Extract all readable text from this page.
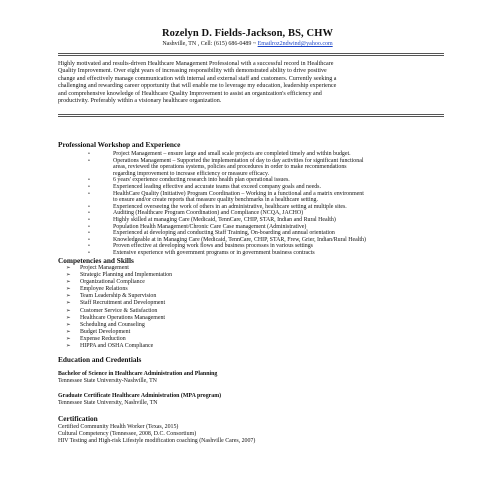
Rozelyn D. Fields-Jackson, BS, CHW
Nashville, TN , Cell: (615) 686-0489 ~ Emailroz2ndwind@yahoo.com
Highly motivated and results-driven Healthcare Management Professional with a successful record in Healthcare
Quality Improvement. Over eight years of increasing responsibility with demonstrated ability to drive positive
change and effectively manage communication with internal and external staff and customers. Currently seeking a
challenging and rewarding career opportunity that will enable me to leverage my education, leadership experience
and comprehensive knowledge of Healthcare Quality Improvement to assist an organization's efficiency and
productivity. Preferably within a visionary healthcare organization.
Professional Workshop and Experience
•	Project Management – ensure large and small scale projects are completed timely and within budget.
•	Operations Management – Supported the implementation of day to day activities for significant functional
areas, reviewed the operations systems, policies and procedures in order to make recommendations
regarding improvement to increase efficiency or measure efficacy.
•	6 years' experience conducting research into health plan operational issues.
•	Experienced leading effective and accurate teams that exceed company goals and needs.
•	HealthCare Quality (Initiative) Program Coordination – Working in a functional and a matrix environment
to ensure and/or create reports that measure quality benchmarks in a healthcare setting.
•	Experienced overseeing the work of others in an administrative, healthcare setting at multiple sites.
•	Auditing (Healthcare Program Coordination) and Compliance (NCQA, JACHO)
•	Highly skilled at managing Care (Medicaid, TennCare, CHIP, STAR, Indian and Rural Health)
•	Population Health Management/Chronic Care Case management (Administrative)
•	Experienced at developing and conducting Staff Training, On-boarding and annual orientation
•	Knowledgeable at in Managing Care (Medicaid, TennCare, CHIP, STAR, Frew, Grier, Indian/Rural Health)
•	Proven effective at developing work flows and business processes in various settings
•	Extensive experience with government programs or in government business contracts
Competencies and Skills
➢ Project Management
➢ Strategic Planning and Implementation
➢ Organizational Compliance
➢ Employee Relations
➢ Team Leadership & Supervision
➢ Staff Recruitment and Development
➢ Customer Service & Satisfaction
➢ Healthcare Operations Management
➢ Scheduling and Counseling
➢ Budget Development
➢ Expense Reduction
➢ HIPPA and OSHA Compliance
Education and Credentials
Bachelor of Science in Healthcare Administration and Planning
Tennessee State University-Nashville, TN
Graduate Certificate Healthcare Administration (MPA program)
Tennessee State University, Nashville, TN
Certification
Certified Community Health Worker (Texas, 2015)
Cultural Competency (Tennessee, 2008, D.C. Consortium)
HIV Testing and High-risk Lifestyle modification coaching (Nashville Cares, 2007)
